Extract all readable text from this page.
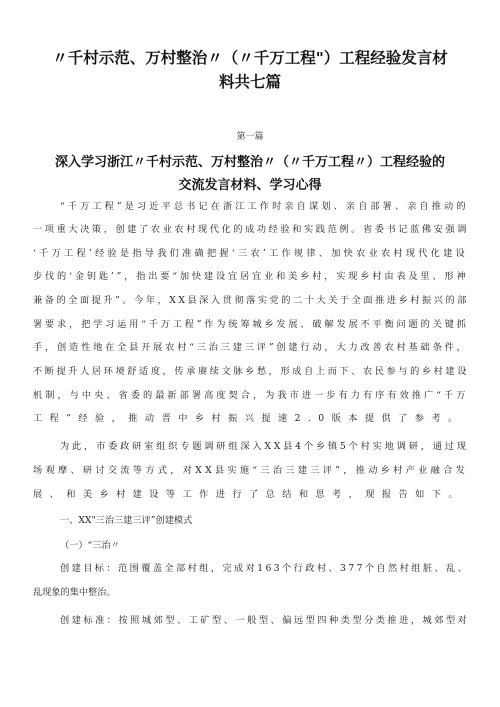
〃千村示范、万村整治〃（〃千万工程"）工程经验发言材
料共七篇
第一篇
深入学习浙江〃千村示范、万村整治〃（〃千万工程〃）工程经验的
交流发言材料、学习心得
“千万工程”是习近平总书记在浙江工作时亲自谋划、亲自部署、亲自推动的
一项重大决策，创建了农业农村现代化的成功经验和实践范例。省委书记蓝佛安强调
‘千万工程’经验是指导我们准确把握‘三农’工作规律、加快农业农村现代化建设
步伐的‘金钥匙’”，指出要“加快建设宜居宜业和美乡村，实现乡村由表及里、形神
兼备的全面提升”。今年，XX县深入贯彻落实党的二十大关于全面推进乡村振兴的部
署要求，把学习运用“千万工程”作为统筹城乡发展、破解发展不平衡问题的关键抓
手，创造性地在全县开展农村“三治三建三评”创建行动，大力改善农村基础条件，
不断提升人居环境舒适度，传承赓续文脉乡愁，形成自上而下、农民参与的乡村建设
机制，与中央、省委的最新部署高度契合，为我市进一步有力有序有效推广“千万
工程”经验，推动晋中乡村振兴提速2.0版本提供了参考。
为此，市委政研室组织专题调研组深入XX县4个乡镇5个村实地调研，通过现
场观摩、研讨交流等方式，对XX县实施“三治三建三评”，推动乡村产业融合发
展、和美乡村建设等工作进行了总结和思考，现报告如下。
一、XX"三治三建三评”创建模式
（一）“三治〃
创建目标：范围覆盖全部村组，完成对163个行政村、377个自然村组脏、乱、
乱现象的集中整治。
创建标准：按照城郊型、工矿型、一般型、偏远型四种类型分类推进，城郊型对
